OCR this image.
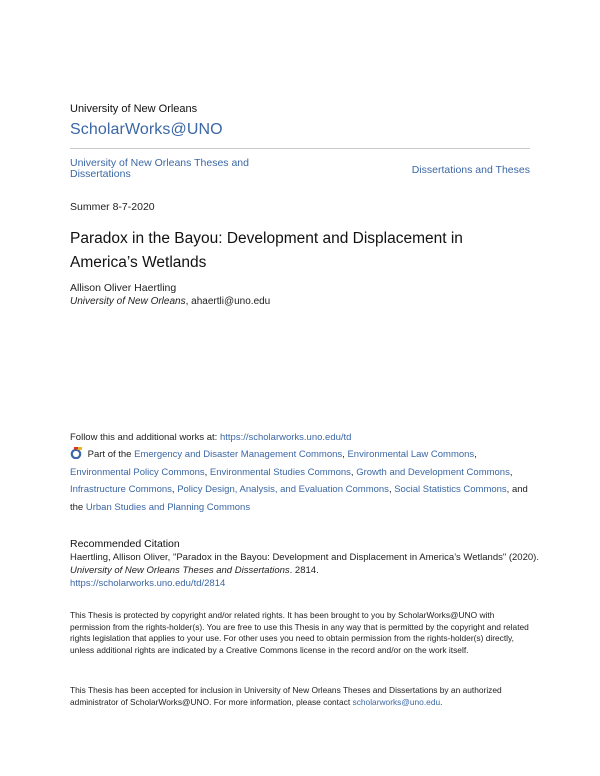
University of New Orleans
ScholarWorks@UNO
University of New Orleans Theses and Dissertations	Dissertations and Theses
Summer 8-7-2020
Paradox in the Bayou: Development and Displacement in America’s Wetlands
Allison Oliver Haertling
University of New Orleans, ahaertli@uno.edu
Follow this and additional works at: https://scholarworks.uno.edu/td
Part of the Emergency and Disaster Management Commons, Environmental Law Commons, Environmental Policy Commons, Environmental Studies Commons, Growth and Development Commons, Infrastructure Commons, Policy Design, Analysis, and Evaluation Commons, Social Statistics Commons, and the Urban Studies and Planning Commons
Recommended Citation
Haertling, Allison Oliver, "Paradox in the Bayou: Development and Displacement in America’s Wetlands" (2020). University of New Orleans Theses and Dissertations. 2814.
https://scholarworks.uno.edu/td/2814
This Thesis is protected by copyright and/or related rights. It has been brought to you by ScholarWorks@UNO with permission from the rights-holder(s). You are free to use this Thesis in any way that is permitted by the copyright and related rights legislation that applies to your use. For other uses you need to obtain permission from the rights-holder(s) directly, unless additional rights are indicated by a Creative Commons license in the record and/or on the work itself.
This Thesis has been accepted for inclusion in University of New Orleans Theses and Dissertations by an authorized administrator of ScholarWorks@UNO. For more information, please contact scholarworks@uno.edu.
